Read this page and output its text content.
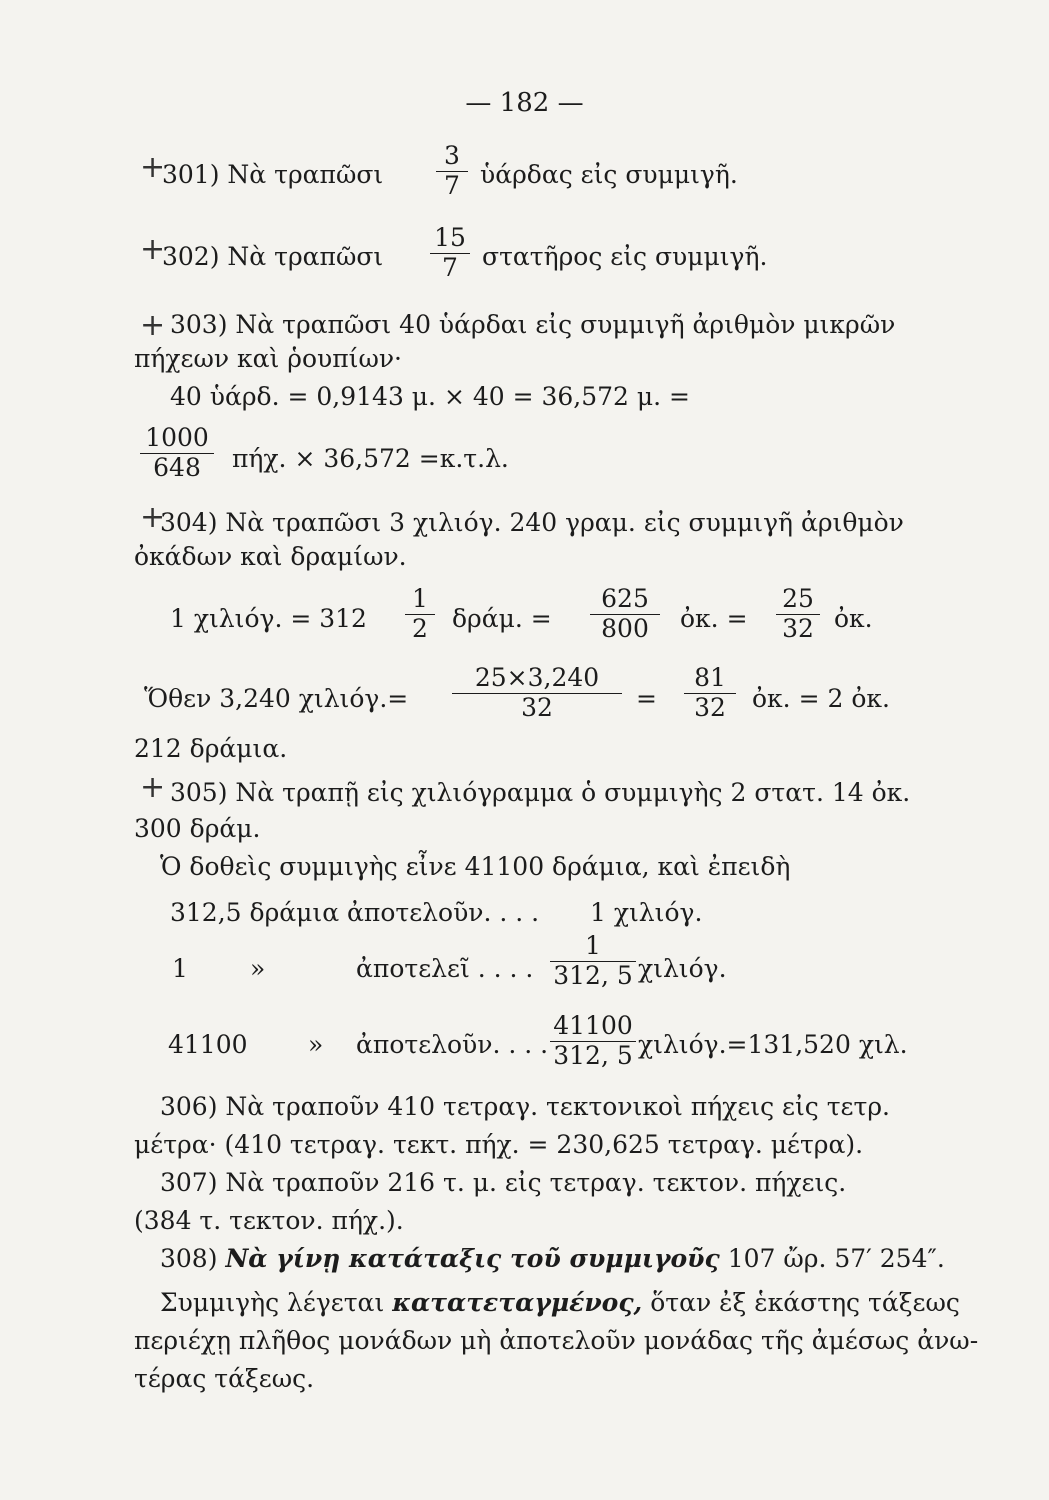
— 182 —
+
301) Νὰ τραπῶσι
3
7 ὑάρδας εἰς συμμιγῆ.
+
302) Νὰ τραπῶσι
15
7 στατῆρος εἰς συμμιγῆ.
+ 303) Νὰ τραπῶσι 40 ὑάρδαι εἰς συμμιγῆ ἀριθμὸν μικρῶν
πήχεων καὶ ῥουπίων·
40 ὑάρδ. = 0,9143 μ. × 40 = 36,572 μ. =
1000
648	πήχ. × 36,572 =κ.τ.λ.
+
304) Νὰ τραπῶσι 3 χιλιόγ. 240 γραμ. εἰς συμμιγῆ ἀριθμὸν
ὀκάδων καὶ δραμίων.
1 χιλιόγ. = 312
1
2 δράμ. =
625
800	ὀκ. =
25
32 ὀκ.
Ὅθεν 3,240 χιλιόγ.=
25×3,240
32	=
81
32	ὀκ. = 2 ὀκ.
212 δράμια.
+ 305) Νὰ τραπῇ εἰς χιλιόγραμμα ὁ συμμιγὴς 2 στατ. 14 ὀκ.
300 δράμ.
Ὁ δοθεὶς συμμιγὴς εἶνε 41100 δράμια, καὶ ἐπειδὴ
312,5 δράμια ἀποτελοῦν. . . . 1 χιλιόγ.
1 »	ἀποτελεῖ . . . .
1
312, 5 χιλιόγ.
41100 » ἀποτελοῦν. . . .
41100
312, 5 χιλιόγ.=131,520 χιλ.
306) Νὰ τραποῦν 410 τετραγ. τεκτονικοὶ πήχεις εἰς τετρ.
μέτρα· (410 τετραγ. τεκτ. πήχ. = 230,625 τετραγ. μέτρα).
307) Νὰ τραποῦν 216 τ. μ. εἰς τετραγ. τεκτον. πήχεις.
(384 τ. τεκτον. πήχ.).
308) Νὰ γίνῃ κατάταξις τοῦ συμμιγοῦς 107 ὤρ. 57′ 254″.
Συμμιγὴς λέγεται κατατεταγμένος, ὅταν ἐξ ἑκάστης τάξεως
περιέχῃ πλῆθος μονάδων μὴ ἀποτελοῦν μονάδας τῆς ἀμέσως ἀνω-
τέρας τάξεως.
